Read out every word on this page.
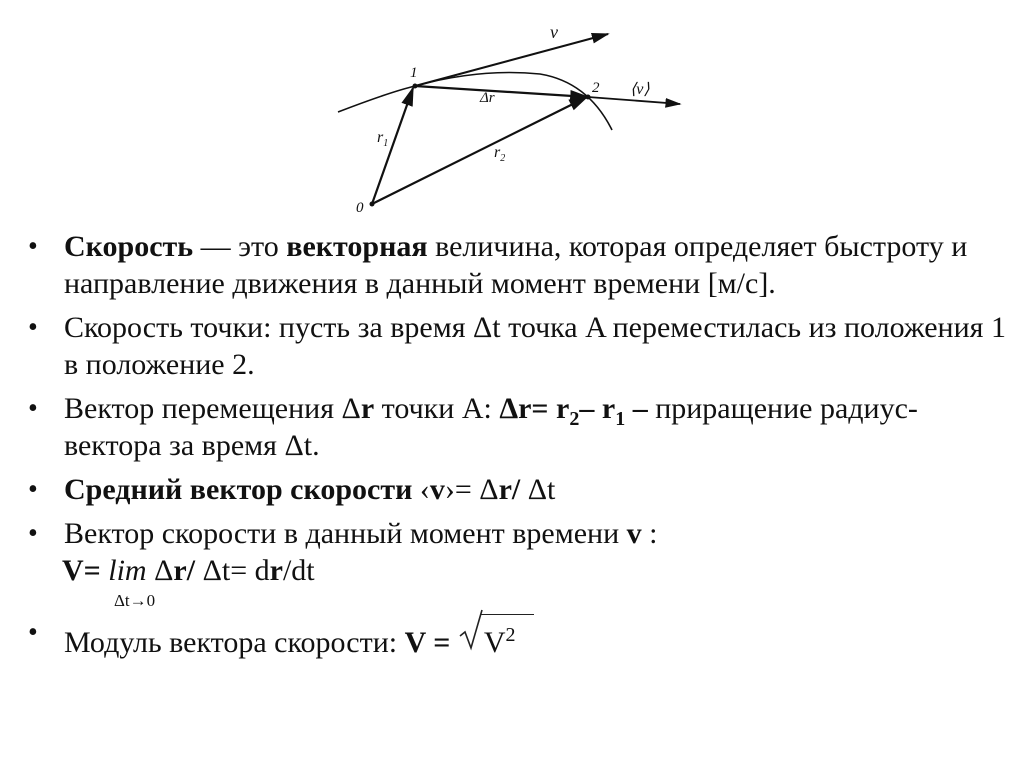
0
1
2
$r_1$
$r_2$
Δr
v
⟨v⟩
• Скорость — это векторная величина, которая определяет быстроту и направление движения в данный момент времени [м/с].
• Скорость точки: пусть за время Δt точка A переместилась из положения 1 в положение 2.
• Вектор перемещения Δr точки А: $\Delta r= r_2-$ $r_1$ – приращение радиус-вектора за время Δt.
• Средний вектор скорости ‹v›= Δr/ Δt
• Вектор скорости в данный момент времени v :
V= lim Δr/ Δt= dr/dt
Δt→0
• Модуль вектора скорости: $V = V^2$
